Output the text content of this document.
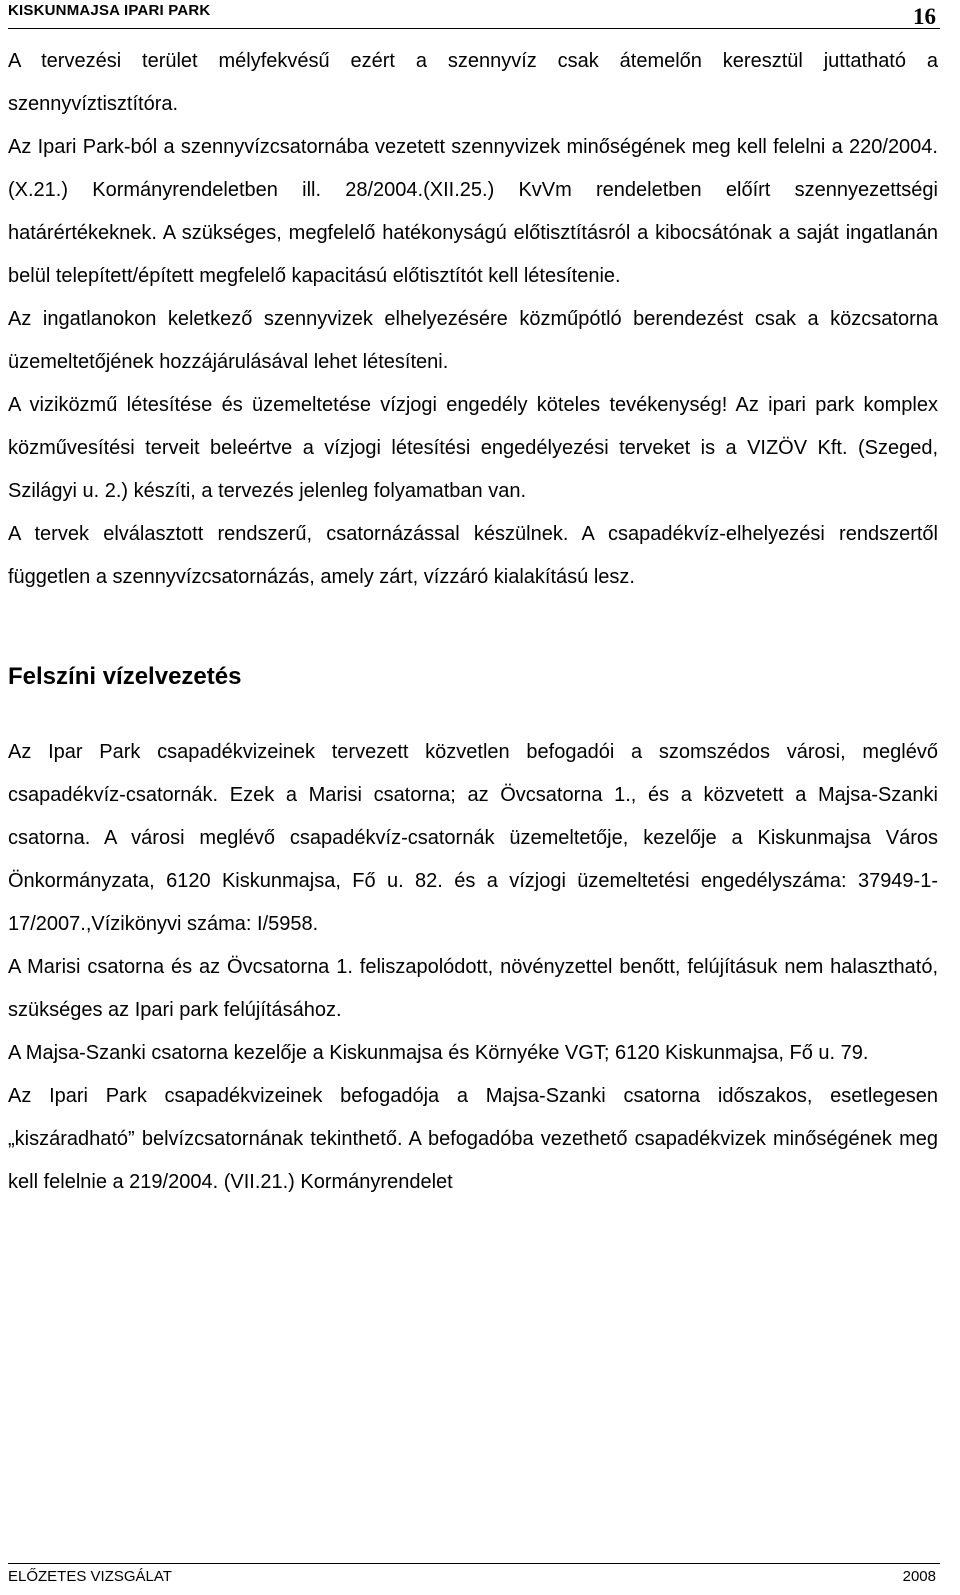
KISKUNMAJSA IPARI PARK	16

A tervezési terület mélyfekvésű ezért a szennyvíz csak átemelőn keresztül juttatható a szennyvíztisztítóra.

Az Ipari Park-ból a szennyvízcsatornába vezetett szennyvizek minőségének meg kell felelni a 220/2004.(X.21.) Kormányrendeletben ill. 28/2004.(XII.25.) KvVm rendeletben előírt szennyezettségi határértékeknek. A szükséges, megfelelő hatékonyságú előtisztításról a kibocsátónak a saját ingatlanán belül telepített/épített megfelelő kapacitású előtisztítót kell létesítenie.

Az ingatlanokon keletkező szennyvizek elhelyezésére közműpótló berendezést csak a közcsatorna üzemeltetőjének hozzájárulásával lehet létesíteni.

A viziközmű létesítése és üzemeltetése vízjogi engedély köteles tevékenység! Az ipari park komplex közművesítési terveit beleértve a vízjogi létesítési engedélyezési terveket is a VIZÖV Kft. (Szeged, Szilágyi u. 2.) készíti, a tervezés jelenleg folyamatban van.

A tervek elválasztott rendszerű, csatornázással készülnek. A csapadékvíz-elhelyezési rendszertől független a szennyvízcsatornázás, amely zárt, vízzáró kialakítású lesz.

Felszíni vízelvezetés

Az Ipar Park csapadékvizeinek tervezett közvetlen befogadói a szomszédos városi, meglévő csapadékvíz-csatornák. Ezek a Marisi csatorna; az Övcsatorna 1., és a közvetett a Majsa-Szanki csatorna. A városi meglévő csapadékvíz-csatornák üzemeltetője, kezelője a Kiskunmajsa Város Önkormányzata, 6120 Kiskunmajsa, Fő u. 82. és a vízjogi üzemeltetési engedélyszáma: 37949-1-17/2007.,Vízikönyvi száma: I/5958.

A Marisi csatorna és az Övcsatorna 1. feliszapolódott, növényzettel benőtt, felújításuk nem halasztható, szükséges az Ipari park felújításához.

A Majsa-Szanki csatorna kezelője a Kiskunmajsa és Környéke VGT; 6120 Kiskunmajsa, Fő u. 79.

Az Ipari Park csapadékvizeinek befogadója a Majsa-Szanki csatorna időszakos, esetlegesen „kiszáradható” belvízcsatornának tekinthető. A befogadóba vezethető csapadékvizek minőségének meg kell felelnie a 219/2004. (VII.21.) Kormányrendelet

ELŐZETES VIZSGÁLAT	2008
